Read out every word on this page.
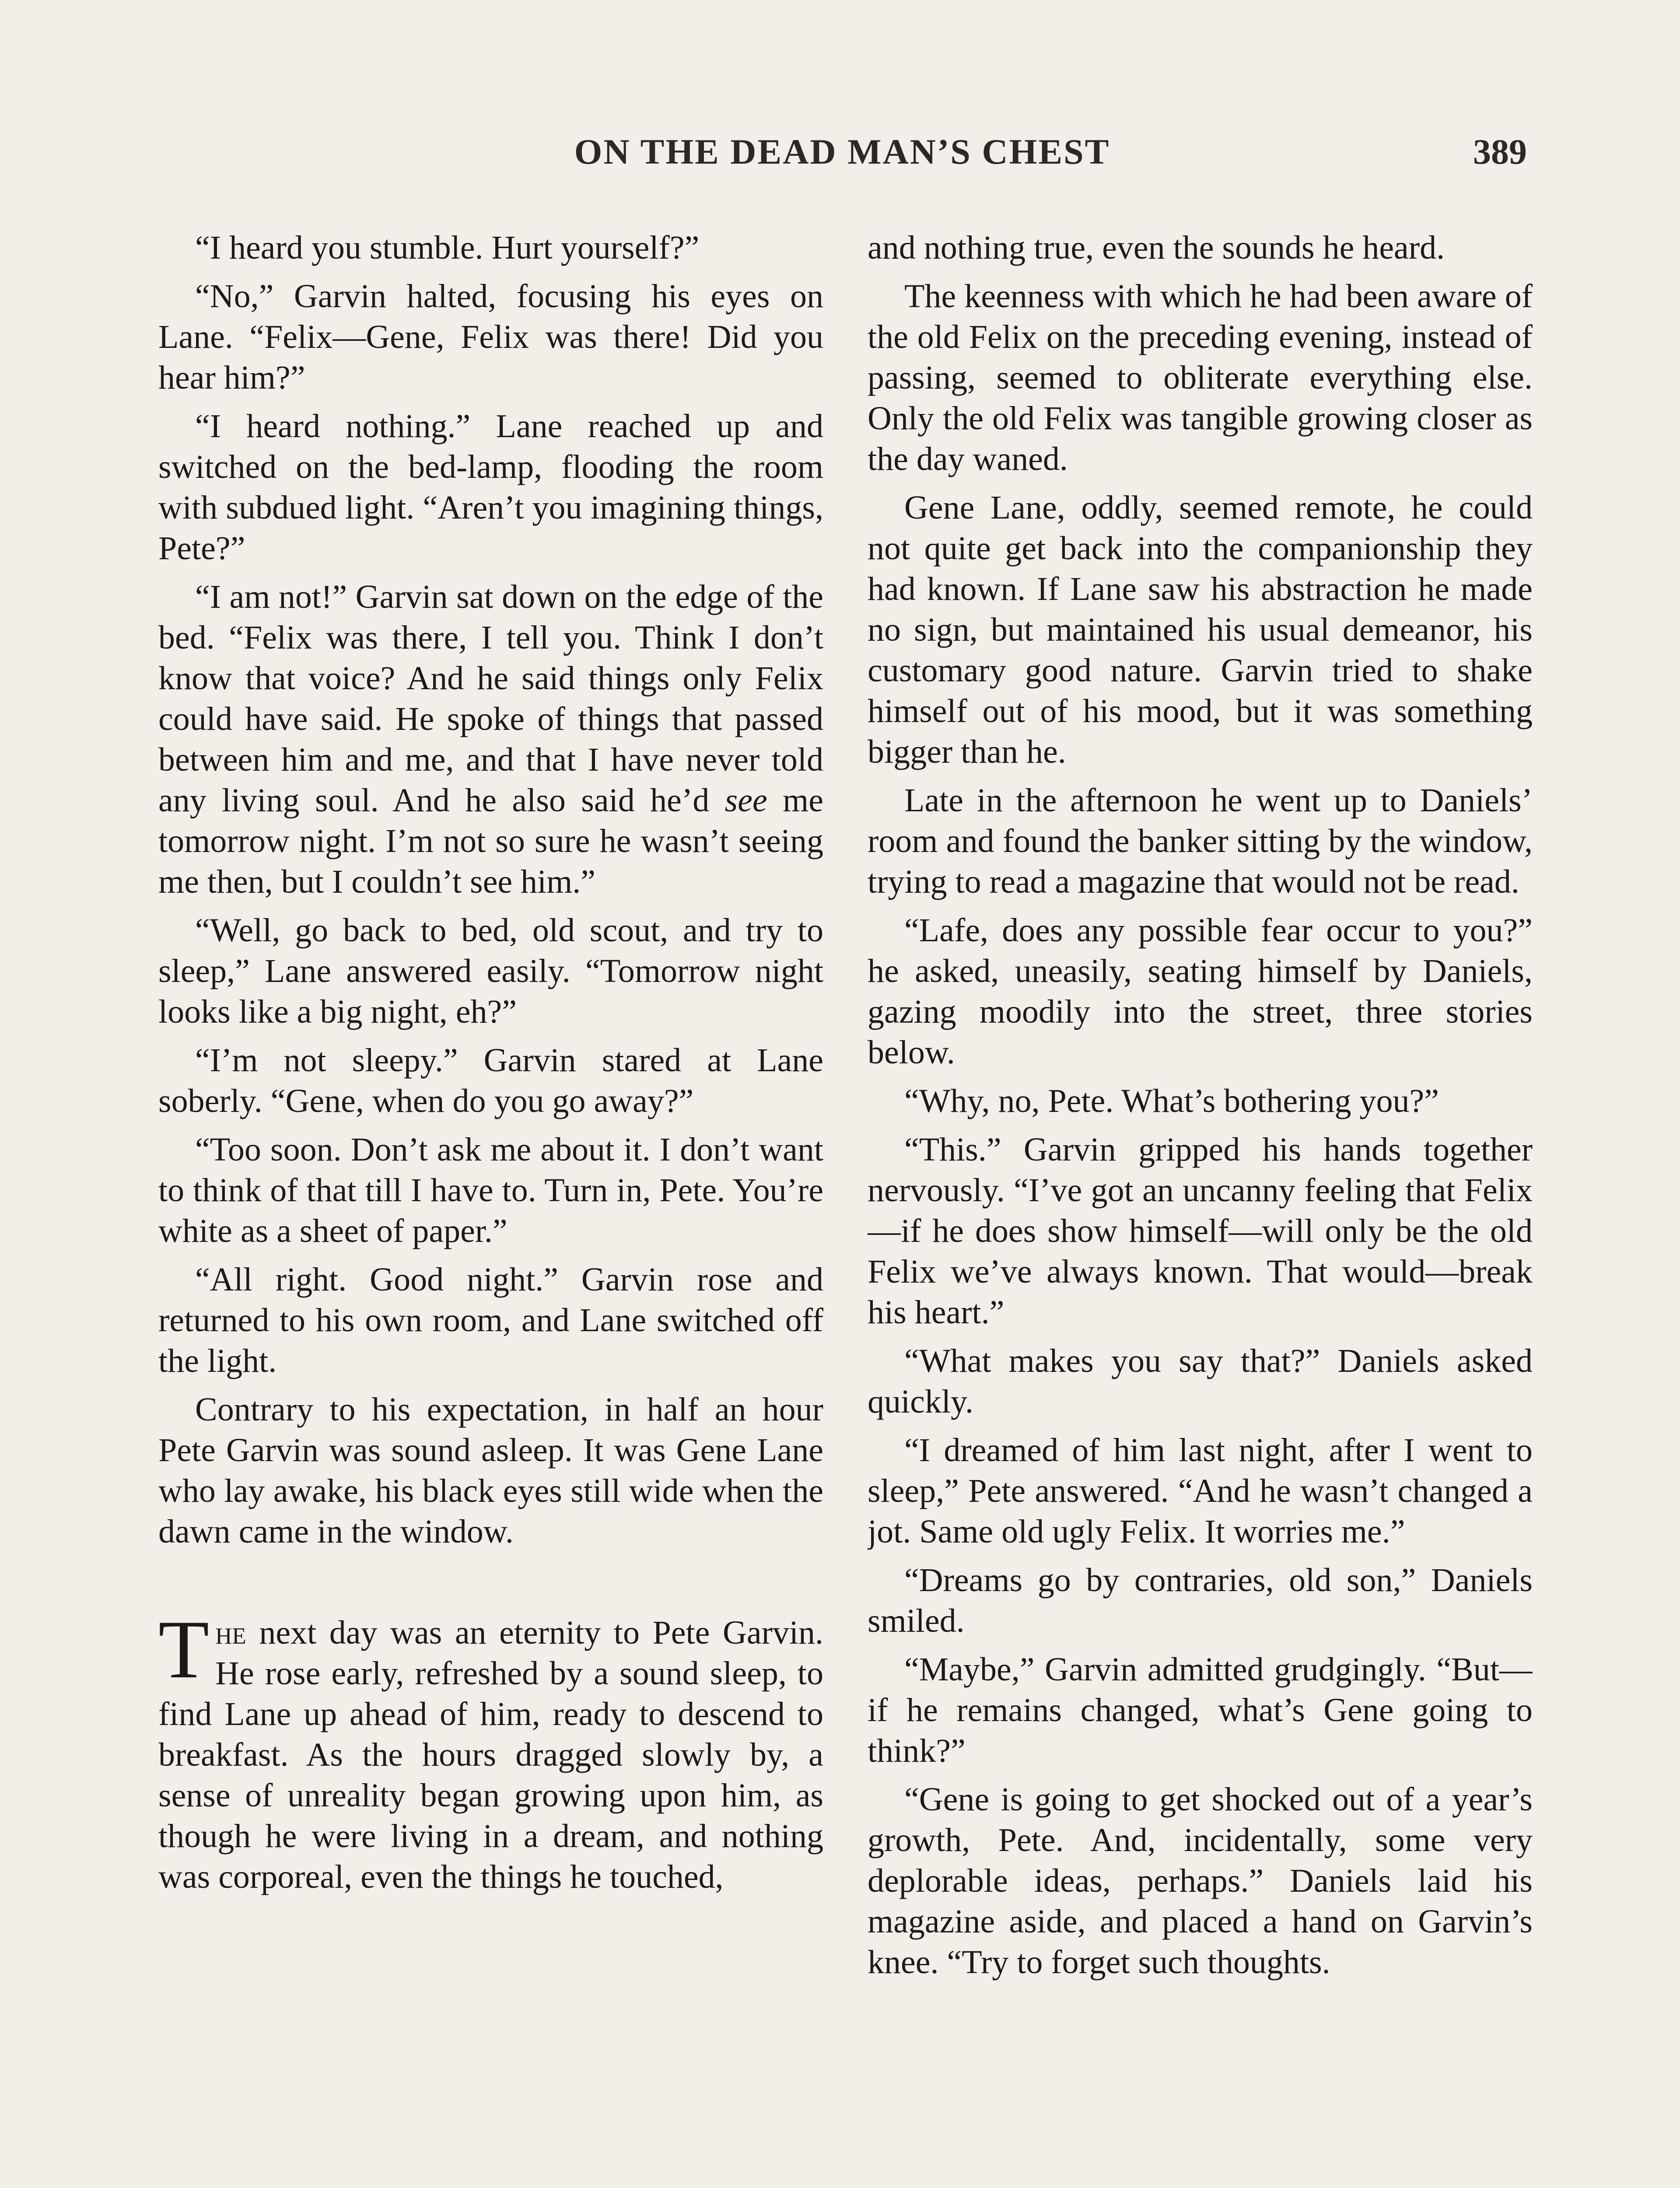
ON THE DEAD MAN’S CHEST	389

“I heard you stumble. Hurt yourself?”

“No,” Garvin halted, focusing his eyes on Lane. “Felix—Gene, Felix was there! Did you hear him?”

“I heard nothing.” Lane reached up and switched on the bed-lamp, flooding the room with subdued light. “Aren’t you imagining things, Pete?”

“I am not!” Garvin sat down on the edge of the bed. “Felix was there, I tell you. Think I don’t know that voice? And he said things only Felix could have said. He spoke of things that passed between him and me, and that I have never told any living soul. And he also said he’d see me tomorrow night. I’m not so sure he wasn’t seeing me then, but I couldn’t see him.”

“Well, go back to bed, old scout, and try to sleep,” Lane answered easily. “Tomorrow night looks like a big night, eh?”

“I’m not sleepy.” Garvin stared at Lane soberly. “Gene, when do you go away?”

“Too soon. Don’t ask me about it. I don’t want to think of that till I have to. Turn in, Pete. You’re white as a sheet of paper.”

“All right. Good night.” Garvin rose and returned to his own room, and Lane switched off the light.

Contrary to his expectation, in half an hour Pete Garvin was sound asleep. It was Gene Lane who lay awake, his black eyes still wide when the dawn came in the window.

The next day was an eternity to Pete Garvin. He rose early, refreshed by a sound sleep, to find Lane up ahead of him, ready to descend to breakfast. As the hours dragged slowly by, a sense of unreality began growing upon him, as though he were living in a dream, and nothing was corporeal, even the things he touched,

and nothing true, even the sounds he heard.

The keenness with which he had been aware of the old Felix on the preceding evening, instead of passing, seemed to obliterate everything else. Only the old Felix was tangible growing closer as the day waned.

Gene Lane, oddly, seemed remote, he could not quite get back into the companionship they had known. If Lane saw his abstraction he made no sign, but maintained his usual demeanor, his customary good nature. Garvin tried to shake himself out of his mood, but it was something bigger than he.

Late in the afternoon he went up to Daniels’ room and found the banker sitting by the window, trying to read a magazine that would not be read.

“Lafe, does any possible fear occur to you?” he asked, uneasily, seating himself by Daniels, gazing moodily into the street, three stories below.

“Why, no, Pete. What’s bothering you?”

“This.” Garvin gripped his hands together nervously. “I’ve got an uncanny feeling that Felix—if he does show himself—will only be the old Felix we’ve always known. That would—break his heart.”

“What makes you say that?” Daniels asked quickly.

“I dreamed of him last night, after I went to sleep,” Pete answered. “And he wasn’t changed a jot. Same old ugly Felix. It worries me.”

“Dreams go by contraries, old son,” Daniels smiled.

“Maybe,” Garvin admitted grudgingly. “But—if he remains changed, what’s Gene going to think?”

“Gene is going to get shocked out of a year’s growth, Pete. And, incidentally, some very deplorable ideas, perhaps.” Daniels laid his magazine aside, and placed a hand on Garvin’s knee. “Try to forget such thoughts.
